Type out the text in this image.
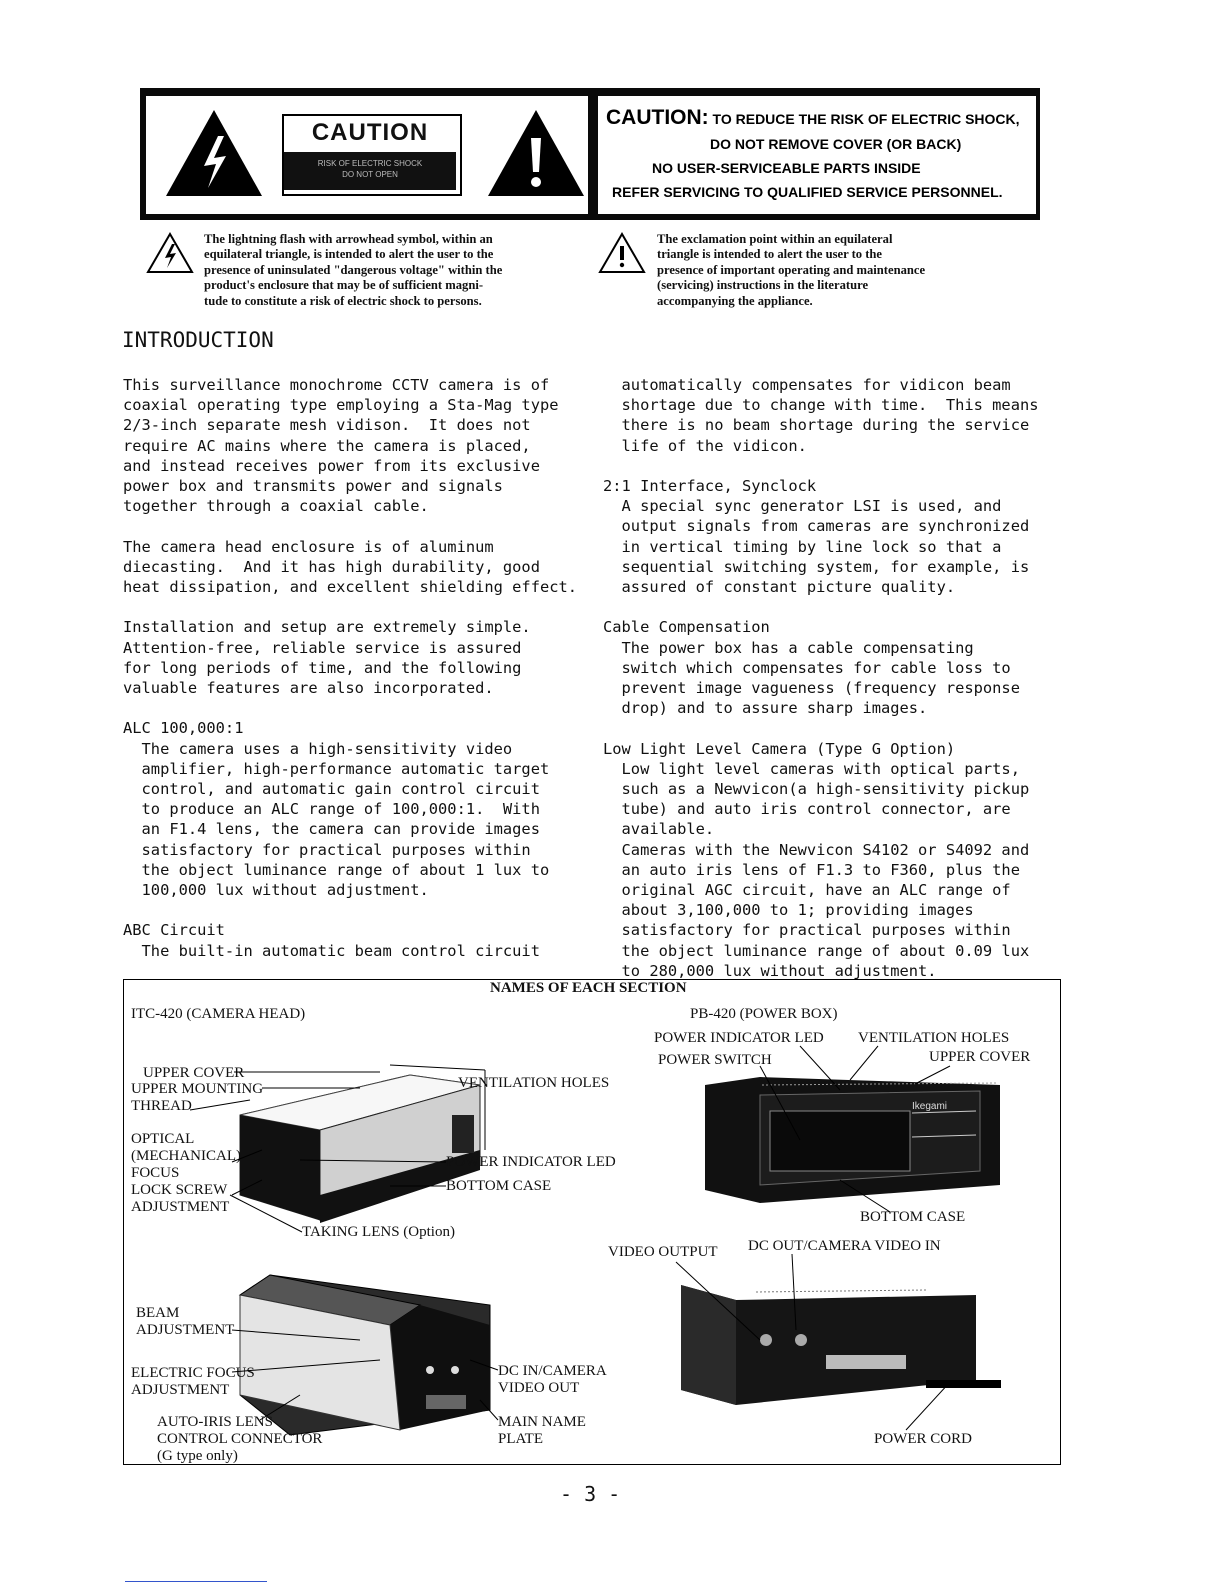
CAUTION
RISK OF ELECTRIC SHOCK
DO NOT OPEN
CAUTION: TO REDUCE THE RISK OF ELECTRIC SHOCK,
DO NOT REMOVE COVER (OR BACK)
NO USER-SERVICEABLE PARTS INSIDE
REFER SERVICING TO QUALIFIED SERVICE PERSONNEL.
The lightning flash with arrowhead symbol, within an
equilateral triangle, is intended to alert the user to the
presence of uninsulated "dangerous voltage" within the
product's enclosure that may be of sufficient magni-
tude to constitute a risk of electric shock to persons.
The exclamation point within an equilateral
triangle is intended to alert the user to the
presence of important operating and maintenance
(servicing) instructions in the literature
accompanying the appliance.
INTRODUCTION
This surveillance monochrome CCTV camera is of
coaxial operating type employing a Sta-Mag type
2/3-inch separate mesh vidison.  It does not
require AC mains where the camera is placed,
and instead receives power from its exclusive
power box and transmits power and signals
together through a coaxial cable.

The camera head enclosure is of aluminum
diecasting.  And it has high durability, good
heat dissipation, and excellent shielding effect.

Installation and setup are extremely simple.
Attention-free, reliable service is assured
for long periods of time, and the following
valuable features are also incorporated.

ALC 100,000:1
The camera uses a high-sensitivity video
amplifier, high-performance automatic target
control, and automatic gain control circuit
to produce an ALC range of 100,000:1.  With
an F1.4 lens, the camera can provide images
satisfactory for practical purposes within
the object luminance range of about 1 lux to
100,000 lux without adjustment.

ABC Circuit
The built-in automatic beam control circuit
automatically compensates for vidicon beam
shortage due to change with time.  This means
there is no beam shortage during the service
life of the vidicon.

2:1 Interface, Synclock
A special sync generator LSI is used, and
output signals from cameras are synchronized
in vertical timing by line lock so that a
sequential switching system, for example, is
assured of constant picture quality.

Cable Compensation
The power box has a cable compensating
switch which compensates for cable loss to
prevent image vagueness (frequency response
drop) and to assure sharp images.

Low Light Level Camera (Type G Option)
Low light level cameras with optical parts,
such as a Newvicon(a high-sensitivity pickup
tube) and auto iris control connector, are
available.
Cameras with the Newvicon S4102 or S4092 and
an auto iris lens of F1.3 to F360, plus the
original AGC circuit, have an ALC range of
about 3,100,000 to 1; providing images
satisfactory for practical purposes within
the object luminance range of about 0.09 lux
to 280,000 lux without adjustment.
NAMES OF EACH SECTION
Ikegami
ITC-420 (CAMERA HEAD)
UPPER COVER
UPPER MOUNTING
THREAD
OPTICAL
(MECHANICAL)
FOCUS
LOCK SCREW
ADJUSTMENT
VENTILATION HOLES
POWER INDICATOR LED
BOTTOM CASE
TAKING LENS (Option)
BEAM
ADJUSTMENT
ELECTRIC FOCUS
ADJUSTMENT
AUTO-IRIS LENS
CONTROL CONNECTOR
(G type only)
DC IN/CAMERA
VIDEO OUT
MAIN NAME
PLATE
PB-420 (POWER BOX)
POWER INDICATOR LED VENTILATION HOLES
POWER SWITCH	UPPER COVER
BOTTOM CASE
VIDEO OUTPUT DC OUT/CAMERA VIDEO IN
POWER CORD
- 3 -
